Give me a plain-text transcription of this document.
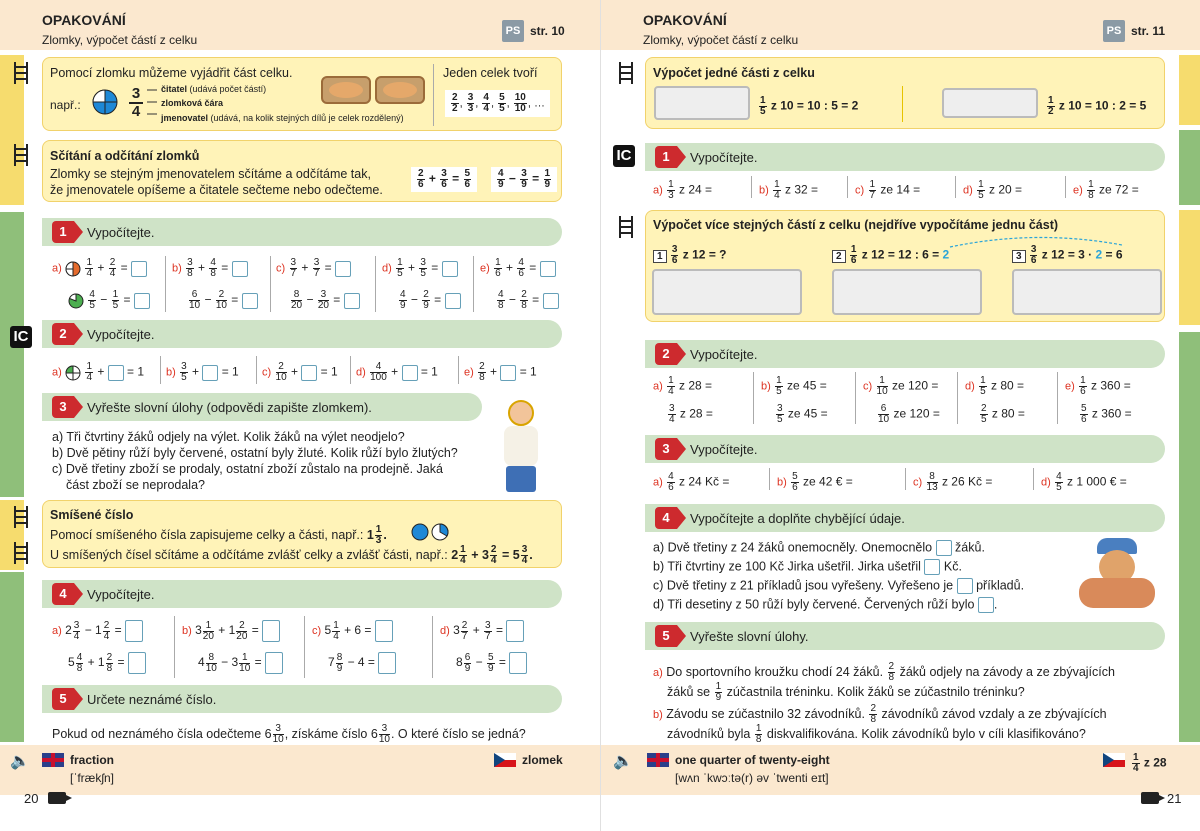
OPAKOVÁNÍ
Zlomky, výpočet částí z celku
PS str. 10
IC
Pomocí zlomku můžeme vyjádřit část celku.
např.:
3
4
čitatel (udává počet částí)
zlomková čára
jmenovatel (udává, na kolik stejných dílů je celek rozdělený)
Jeden celek tvoří
$\frac{2}{2}$ , $\frac{3}{3}$ , $\frac{4}{4}$ , $\frac{5}{5}$ , $\frac{10}{10}$ , …
Sčítání a odčítání zlomků
Zlomky se stejným jmenovatelem sčítáme a odčítáme tak,
že jmenovatele opíšeme a čitatele sečteme nebo odečteme.	$\frac{2}{6} + \frac{3}{6} = \frac{5}{6}$	$\frac{4}{9} - \frac{3}{9} = \frac{1}{9}$
1	Vypočítejte.
$a) \frac{1}{4} + \frac{2}{4}$ =	$b) \frac{3}{8} + \frac{4}{8}$ =	$c) \frac{3}{7} + \frac{3}{7}$ =	$d) \frac{1}{5} + \frac{3}{5}$ =	$e) \frac{1}{6} + \frac{4}{6}$ =

$\frac{4}{5} - \frac{1}{5}$ =	$\frac{6}{10} - \frac{2}{10}$ =	$\frac{8}{20} - \frac{3}{20}$ =	$\frac{4}{9} - \frac{2}{9}$ =	$\frac{4}{8} - \frac{2}{8}$ =
2	Vypočítejte.
$a) \frac{1}{4}$ +  = 1 $b) \frac{3}{5}$ +  = 1 $c) \frac{2}{10}$ +  = 1 $d) \frac{4}{100}$ +  = 1 $e) \frac{2}{8}$ +  = 1
3	Vyřešte slovní úlohy (odpovědi zapište zlomkem).
a) Tři čtvrtiny žáků odjely na výlet. Kolik žáků na výlet neodjelo?
b) Dvě pětiny růží byly červené, ostatní byly žluté. Kolik růží bylo žlutých?
c) Dvě třetiny zboží se prodaly, ostatní zboží zůstalo na prodejně. Jaká
část zboží se neprodala?
Smíšené číslo
Pomocí smíšeného čísla zapisujeme celky a části, např.: $1 \frac{1}{3}$ .
U smíšených čísel sčítáme a odčítáme zvlášť celky a zvlášť části, např.: $2 \frac{1}{4} + 3 \frac{2}{4} = 5 \frac{3}{4}$ .
4	Vypočítejte.
a) $2 \frac{3}{4} - 1 \frac{2}{4}$ =	b) $3 \frac{1}{20} + 1 \frac{2}{20}$ =	c) $5 \frac{1}{4} + 6$ =	d) $3 \frac{2}{7} + \frac{3}{7}$ =
$5 \frac{4}{8} + 1 \frac{2}{8}$ =	$4 \frac{8}{10} - 3 \frac{1}{10}$ =	$7 \frac{8}{9} - 4$ =	$8 \frac{6}{9} - \frac{5}{9}$ =
5	Určete neznámé číslo.
Pokud od neznámého čísla odečteme $6 \frac{3}{10}$ , získáme číslo $6 \frac{3}{10}$ . O které číslo se jedná?
🔈	fraction
[ˈfrækʃn]
zlomek
20
OPAKOVÁNÍ
Zlomky, výpočet částí z celku
PS str. 11
IC
Výpočet jedné části z celku
$\frac{1}{5}$ z 10 = 10 : 5 = 2	$\frac{1}{2}$ z 10 = 10 : 2 = 5
1	Vypočítejte.
$a) \frac{1}{3}$ z 24 =	$b) \frac{1}{4}$ z 32 =	$c) \frac{1}{7}$ ze 14 =	$d) \frac{1}{5}$ z 20 =	$e) \frac{1}{8}$ ze 72 =
Výpočet více stejných částí z celku (nejdříve vypočítáme jednu část)
$1 \frac{3}{6}$ z 12 = ?	$2 \frac{1}{6}$ z 12 = 12 : 6 = 2	$3 \frac{3}{6}$ z 12 = 3 · 2 = 6
2	Vypočítejte.
$a) \frac{1}{4}$ z 28 =	$b) \frac{1}{5}$ ze 45 =	$c) \frac{1}{10}$ ze $120 = d) \frac{1}{5}$ z 80 =	$e) \frac{1}{6}$ z 360 =
$\frac{3}{4}$ z 28 =	$\frac{3}{5}$ ze 45 =	$\frac{6}{10}$ ze 120 =	$\frac{2}{5}$ z 80 =	$\frac{5}{6}$ z 360 =
3	Vypočítejte.
$a) \frac{4}{6}$ z 24 Kč =	$b) \frac{5}{6}$ ze 42 € =	$c) \frac{8}{13}$ z 26 Kč =	$d) \frac{4}{5}$ z 1 000 € =
4	Vypočítejte a doplňte chybějící údaje.
a) Dvě třetiny z 24 žáků onemocněly. Onemocnělo žáků.
b) Tři čtvrtiny ze 100 Kč Jirka ušetřil. Jirka ušetřil Kč.
c) Dvě třetiny z 21 příkladů jsou vyřešeny. Vyřešeno je příkladů.
d) Tři desetiny z 50 růží byly červené. Červených růží bylo .
5	Vyřešte slovní úlohy.
a) Do sportovního kroužku chodí 24 žáků. $\frac{2}{8}$ žáků odjely na závody a ze zbývajících
žáků se $\frac{1}{9}$ zúčastnila tréninku. Kolik žáků se zúčastnilo tréninku?
b) Závodu se zúčastnilo 32 závodníků. $\frac{2}{8}$ závodníků závod vzdaly a ze zbývajících
závodníků byla $\frac{1}{8}$ diskvalifikována. Kolik závodníků bylo v cíli klasifikováno?
🔈	one quarter of twenty-eight
[wʌn ˈkwɔːtə(r) əv ˈtwenti eɪt]
$\frac{1}{4}$ z 28
21
